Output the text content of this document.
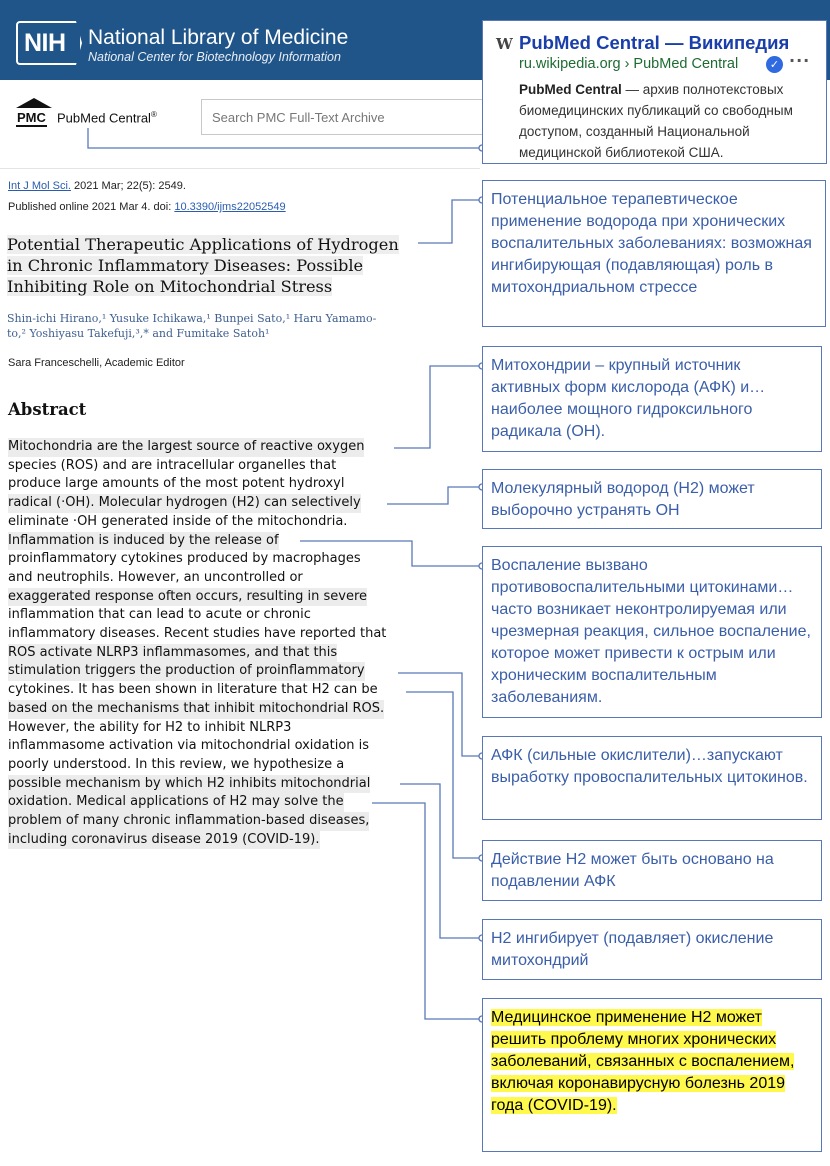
NIH National Library of Medicine
National Center for Biotechnology Information
PMC PubMed Central®
Search PMC Full-Text Archive
Int J Mol Sci. 2021 Mar; 22(5): 2549.
Published online 2021 Mar 4. doi: 10.3390/ijms22052549
Potential Therapeutic Applications of Hydrogen
in Chronic Inflammatory Diseases: Possible
Inhibiting Role on Mitochondrial Stress
Shin-ichi Hirano,¹ Yusuke Ichikawa,¹ Bunpei Sato,¹ Haru Yamamo-
to,² Yoshiyasu Takefuji,³,* and Fumitake Satoh¹
Sara Franceschelli, Academic Editor
Abstract
Mitochondria are the largest source of reactive oxygen
species (ROS) and are intracellular organelles that
produce large amounts of the most potent hydroxyl
radical (·OH). Molecular hydrogen (H2) can selectively
eliminate ·OH generated inside of the mitochondria.
Inflammation is induced by the release of
proinflammatory cytokines produced by macrophages
and neutrophils. However, an uncontrolled or
exaggerated response often occurs, resulting in severe
inflammation that can lead to acute or chronic
inflammatory diseases. Recent studies have reported that
ROS activate NLRP3 inflammasomes, and that this
stimulation triggers the production of proinflammatory
cytokines. It has been shown in literature that H2 can be
based on the mechanisms that inhibit mitochondrial ROS.
However, the ability for H2 to inhibit NLRP3
inflammasome activation via mitochondrial oxidation is
poorly understood. In this review, we hypothesize a
possible mechanism by which H2 inhibits mitochondrial
oxidation. Medical applications of H2 may solve the
problem of many chronic inflammation-based diseases,
including coronavirus disease 2019 (COVID-19).
W PubMed Central — Википедия
ru.wikipedia.org › PubMed Central	✓ ···
PubMed Central — архив полнотекстовых биомедицинских публикаций со свободным доступом, созданный Национальной медицинской библиотекой США.
Потенциальное терапевтическое применение водорода при хронических воспалительных заболеваниях: возможная ингибирующая (подавляющая) роль в митохондриальном стрессе
Митохондрии – крупный источник активных форм кислорода (АФК) и… наиболее мощного гидроксильного радикала (ОН).
Молекулярный водород (Н2) может выборочно устранять ОН
Воспаление вызвано противовоспалительными цитокинами… часто возникает неконтролируемая или чрезмерная реакция, сильное воспаление, которое может привести к острым или хроническим воспалительным заболеваниям.
АФК (сильные окислители)…запускают выработку провоспалительных цитокинов.
Действие Н2 может быть основано на подавлении АФК
Н2 ингибирует (подавляет) окисление митохондрий
Медицинское применение Н2 может решить проблему многих хронических заболеваний, связанных с воспалением, включая коронавирусную болезнь 2019 года (COVID-19).
